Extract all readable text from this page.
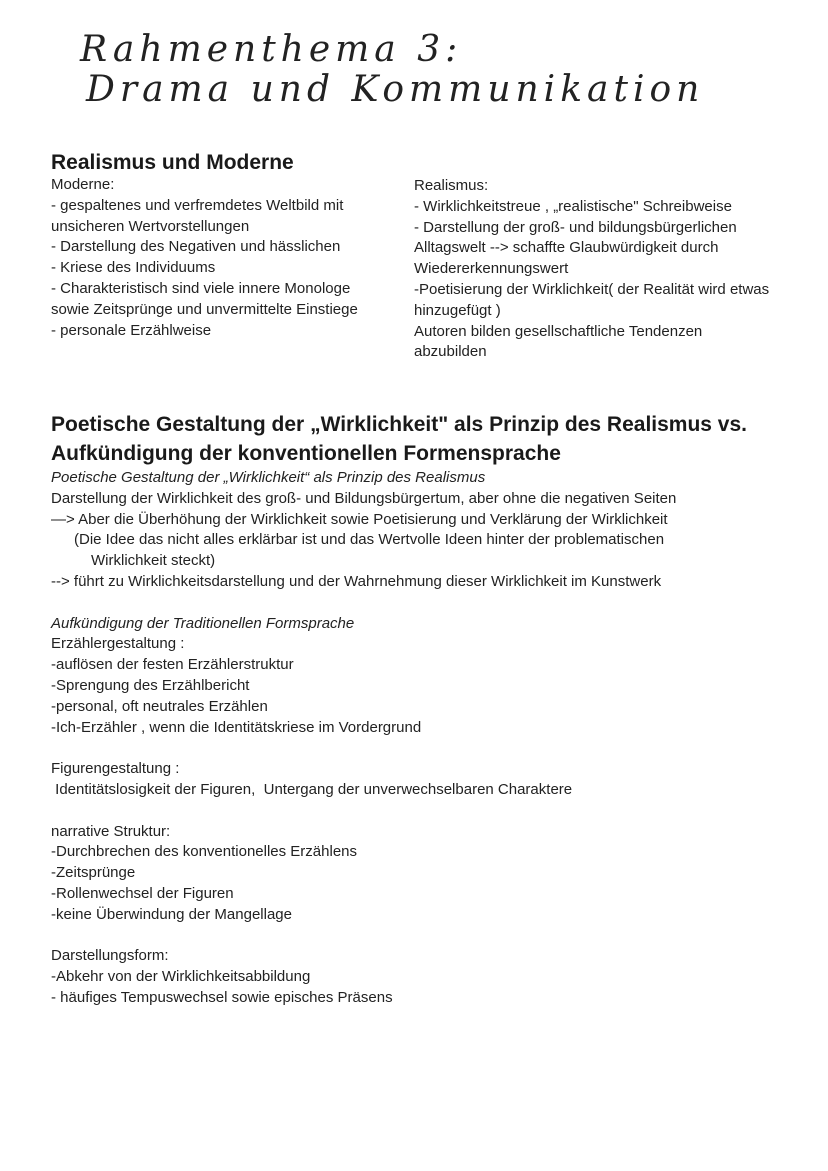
Rahmenthema 3:
Drama und Kommunikation
Realismus und Moderne
Moderne:
- gespaltenes und verfremdetes Weltbild mit
unsicheren Wertvorstellungen
- Darstellung des Negativen und hässlichen
- Kriese des Individuums
- Charakteristisch sind viele innere Monologe
sowie Zeitsprünge und unvermittelte Einstiege
- personale Erzählweise
Realismus:
- Wirklichkeitstreue , „realistische" Schreibweise
- Darstellung der groß- und bildungsbürgerlichen
Alltagswelt --> schaffte Glaubwürdigkeit durch
Wiedererkennungswert
-Poetisierung der Wirklichkeit( der Realität wird etwas
hinzugefügt )
Autoren bilden gesellschaftliche Tendenzen
abzubilden
Poetische Gestaltung der „Wirklichkeit" als Prinzip des Realismus vs.
Aufkündigung der konventionellen Formensprache
Poetische Gestaltung der „Wirklichkeit“ als Prinzip des Realismus
Darstellung der Wirklichkeit des groß- und Bildungsbürgertum, aber ohne die negativen Seiten
—> Aber die Überhöhung der Wirklichkeit sowie Poetisierung und Verklärung der Wirklichkeit
(Die Idee das nicht alles erklärbar ist und das Wertvolle Ideen hinter der problematischen
Wirklichkeit steckt)
--> führt zu Wirklichkeitsdarstellung und der Wahrnehmung dieser Wirklichkeit im Kunstwerk
Aufkündigung der Traditionellen Formsprache
Erzählergestaltung :
-auflösen der festen Erzählerstruktur
-Sprengung des Erzählbericht
-personal, oft neutrales Erzählen
-Ich-Erzähler , wenn die Identitätskriese im Vordergrund
Figurengestaltung :
Identitätslosigkeit der Figuren,  Untergang der unverwechselbaren Charaktere
narrative Struktur:
-Durchbrechen des konventionelles Erzählens
-Zeitsprünge
-Rollenwechsel der Figuren
-keine Überwindung der Mangellage
Darstellungsform:
-Abkehr von der Wirklichkeitsabbildung
- häufiges Tempuswechsel sowie episches Präsens
